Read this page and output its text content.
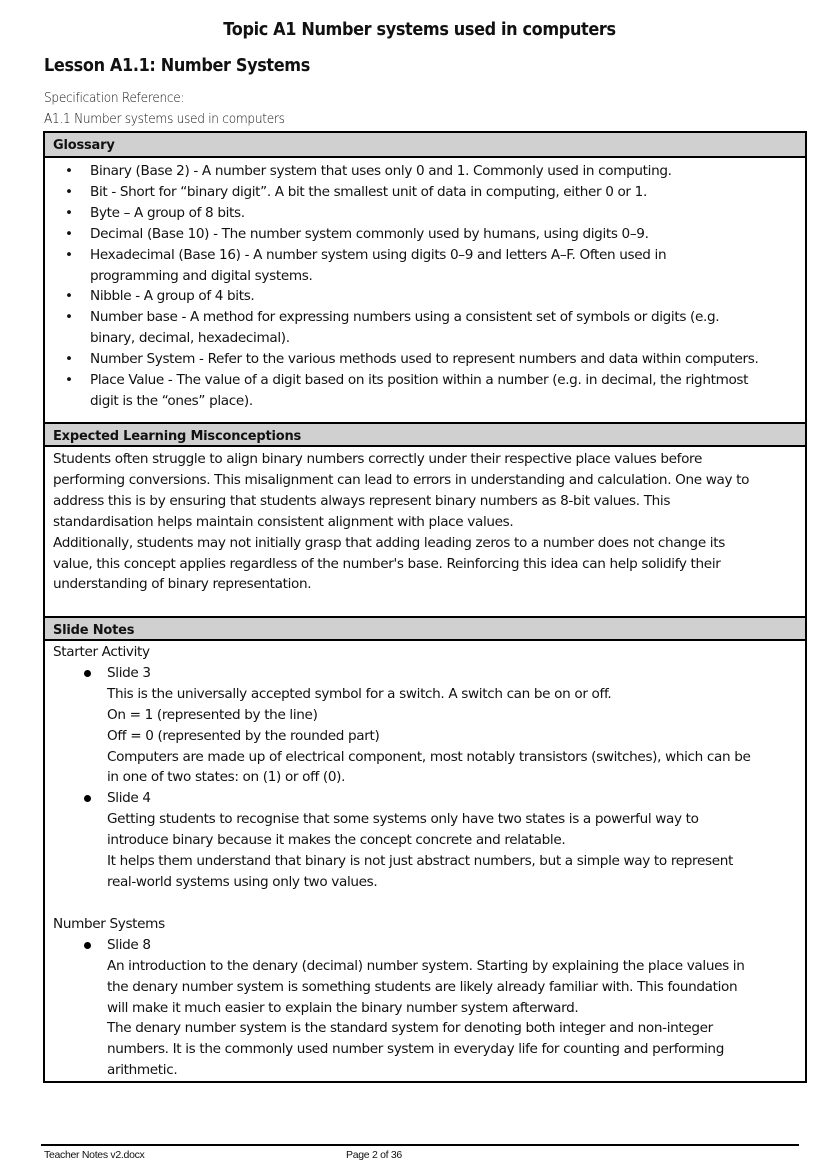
Topic A1 Number systems used in computers
Lesson A1.1: Number Systems
Specification Reference:
A1.1 Number systems used in computers
Glossary
• Binary (Base 2) - A number system that uses only 0 and 1. Commonly used in computing.
• Bit - Short for “binary digit”. A bit the smallest unit of data in computing, either 0 or 1.
• Byte – A group of 8 bits.
• Decimal (Base 10) - The number system commonly used by humans, using digits 0–9.
• Hexadecimal (Base 16) - A number system using digits 0–9 and letters A–F. Often used in
programming and digital systems.
• Nibble - A group of 4 bits.
• Number base - A method for expressing numbers using a consistent set of symbols or digits (e.g.
binary, decimal, hexadecimal).
• Number System - Refer to the various methods used to represent numbers and data within computers.
• Place Value - The value of a digit based on its position within a number (e.g. in decimal, the rightmost
digit is the “ones” place).
Expected Learning Misconceptions
Students often struggle to align binary numbers correctly under their respective place values before
performing conversions. This misalignment can lead to errors in understanding and calculation. One way to
address this is by ensuring that students always represent binary numbers as 8-bit values. This
standardisation helps maintain consistent alignment with place values.
Additionally, students may not initially grasp that adding leading zeros to a number does not change its
value, this concept applies regardless of the number's base. Reinforcing this idea can help solidify their
understanding of binary representation.
Slide Notes
Starter Activity
Slide 3
This is the universally accepted symbol for a switch. A switch can be on or off.
On = 1 (represented by the line)
Off = 0 (represented by the rounded part)
Computers are made up of electrical component, most notably transistors (switches), which can be
in one of two states: on (1) or off (0).
Slide 4
Getting students to recognise that some systems only have two states is a powerful way to
introduce binary because it makes the concept concrete and relatable.
It helps them understand that binary is not just abstract numbers, but a simple way to represent
real-world systems using only two values.
Number Systems
Slide 8
An introduction to the denary (decimal) number system. Starting by explaining the place values in
the denary number system is something students are likely already familiar with. This foundation
will make it much easier to explain the binary number system afterward.
The denary number system is the standard system for denoting both integer and non-integer
numbers. It is the commonly used number system in everyday life for counting and performing
arithmetic.
Teacher Notes v2.docx	Page 2 of 36
